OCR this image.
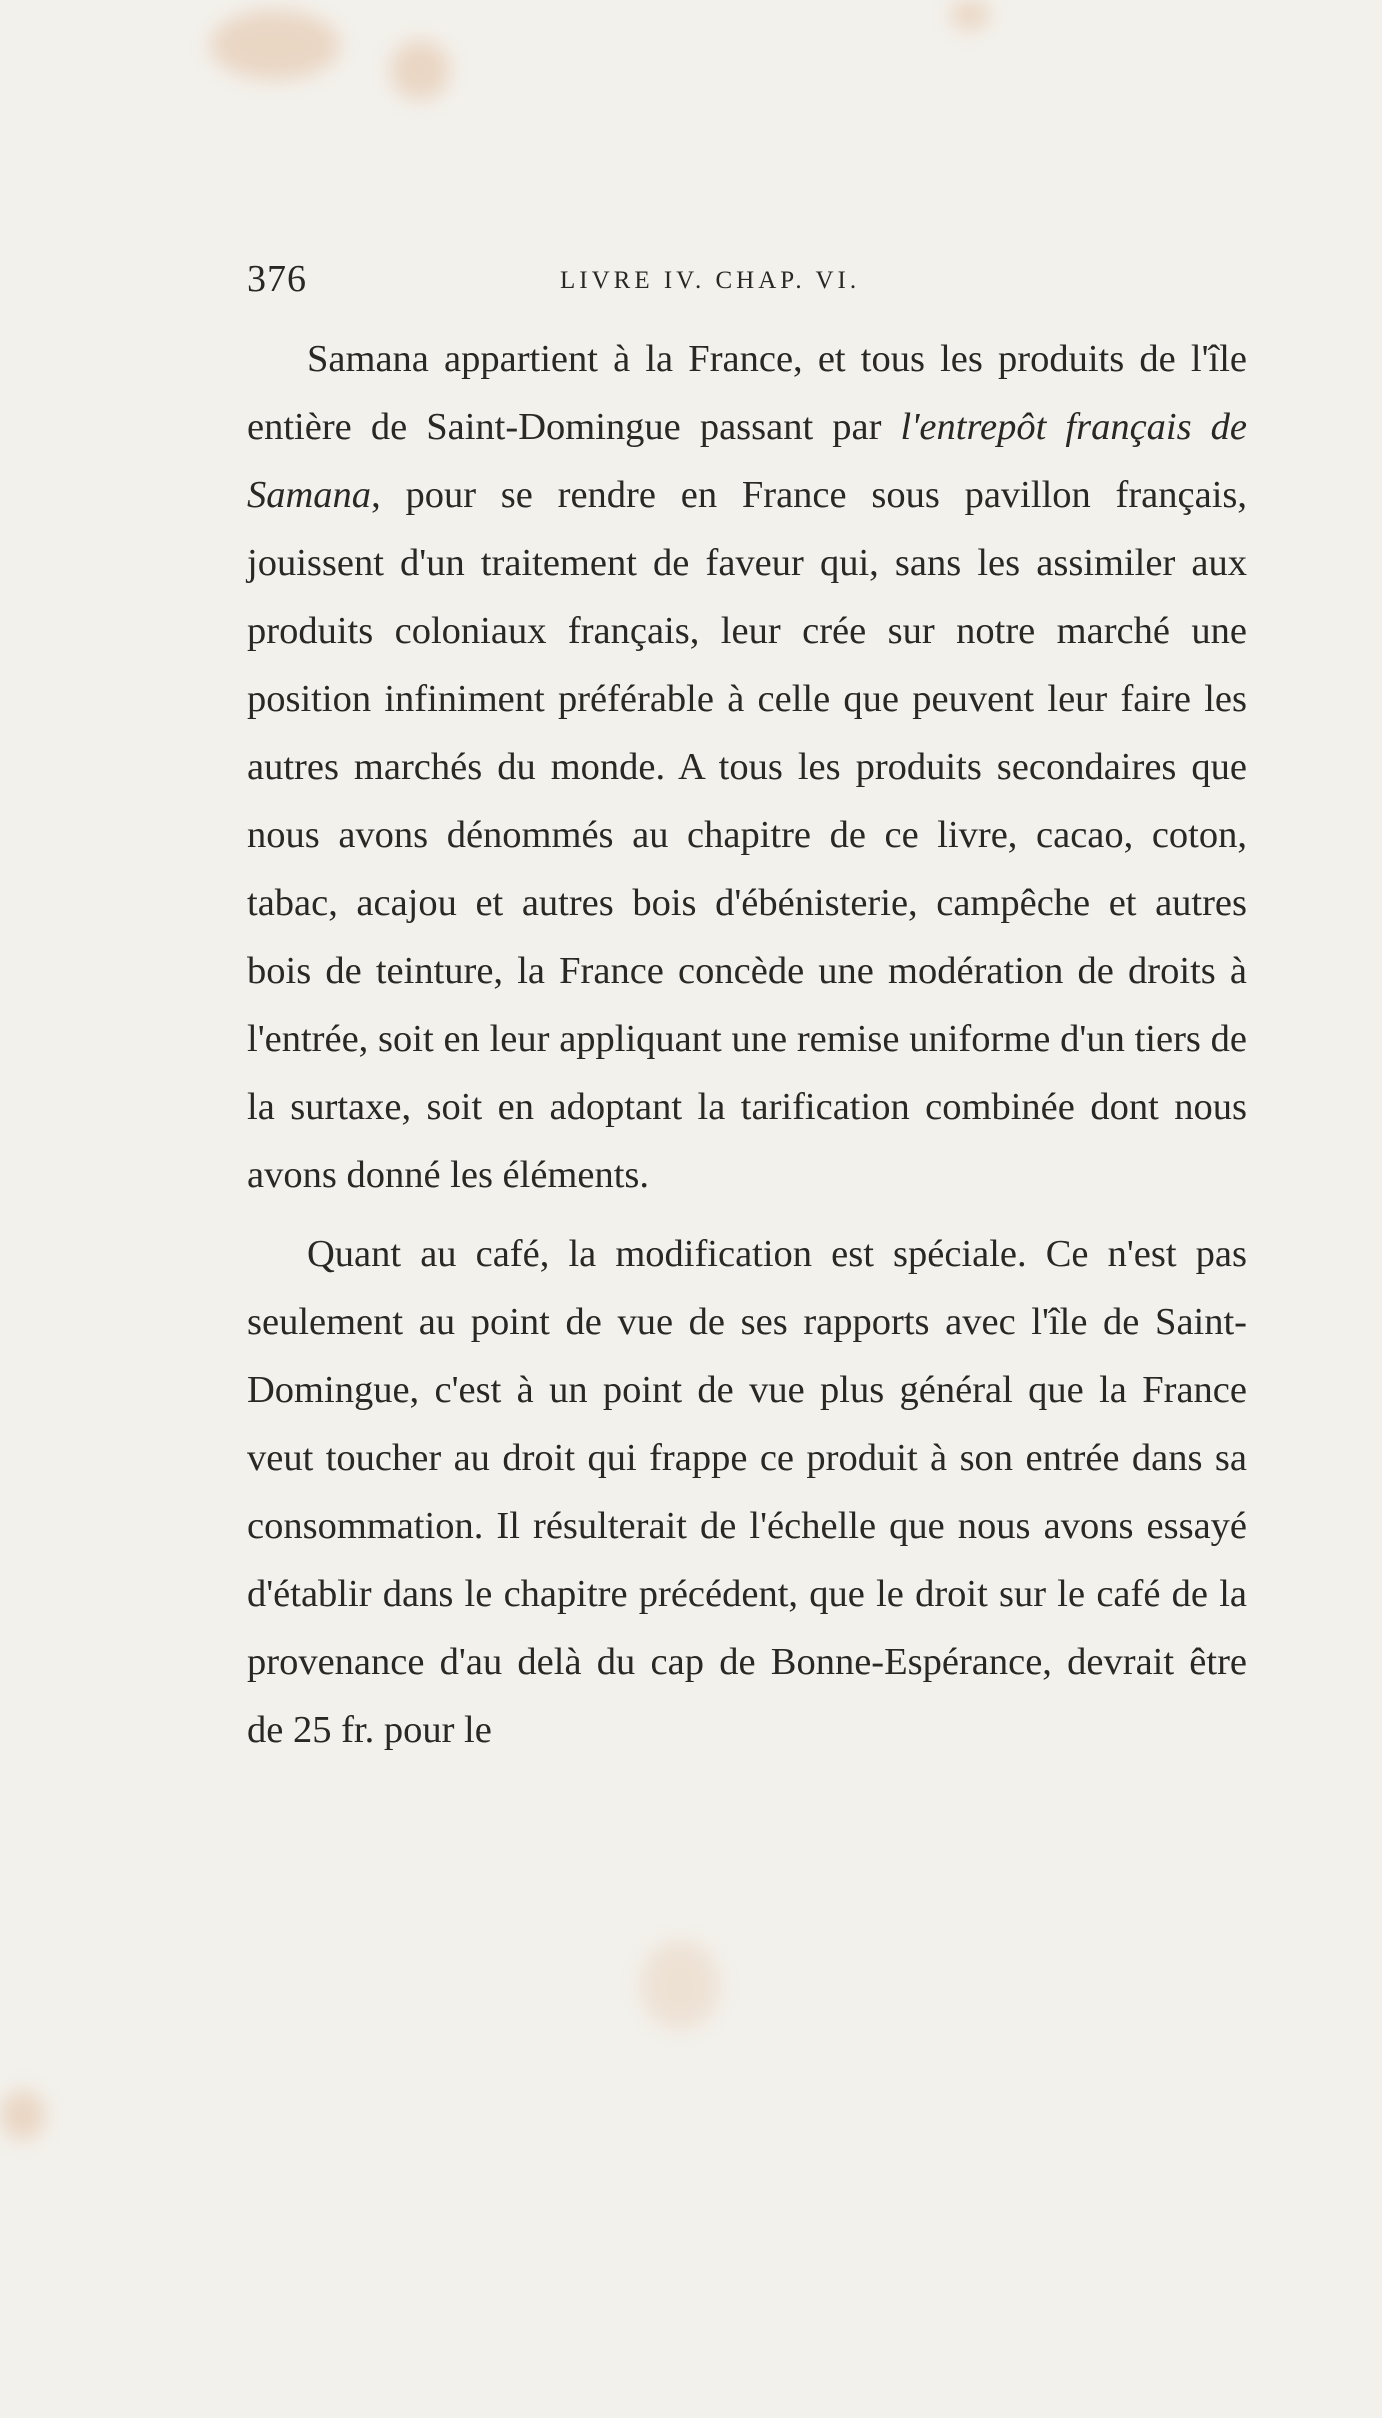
376	LIVRE IV. CHAP. VI.

Samana appartient à la France, et tous les produits de l'île entière de Saint-Domingue passant par l'entrepôt français de Samana, pour se rendre en France sous pavillon français, jouissent d'un traitement de faveur qui, sans les assimiler aux produits coloniaux français, leur crée sur notre marché une position infiniment préférable à celle que peuvent leur faire les autres marchés du monde. A tous les produits secondaires que nous avons dénommés au chapitre de ce livre, cacao, coton, tabac, acajou et autres bois d'ébénisterie, campêche et autres bois de teinture, la France concède une modération de droits à l'entrée, soit en leur appliquant une remise uniforme d'un tiers de la surtaxe, soit en adoptant la tarification combinée dont nous avons donné les éléments.

Quant au café, la modification est spéciale. Ce n'est pas seulement au point de vue de ses rapports avec l'île de Saint-Domingue, c'est à un point de vue plus général que la France veut toucher au droit qui frappe ce produit à son entrée dans sa consommation. Il résulterait de l'échelle que nous avons essayé d'établir dans le chapitre précédent, que le droit sur le café de la provenance d'au delà du cap de Bonne-Espérance, devrait être de 25 fr. pour le
